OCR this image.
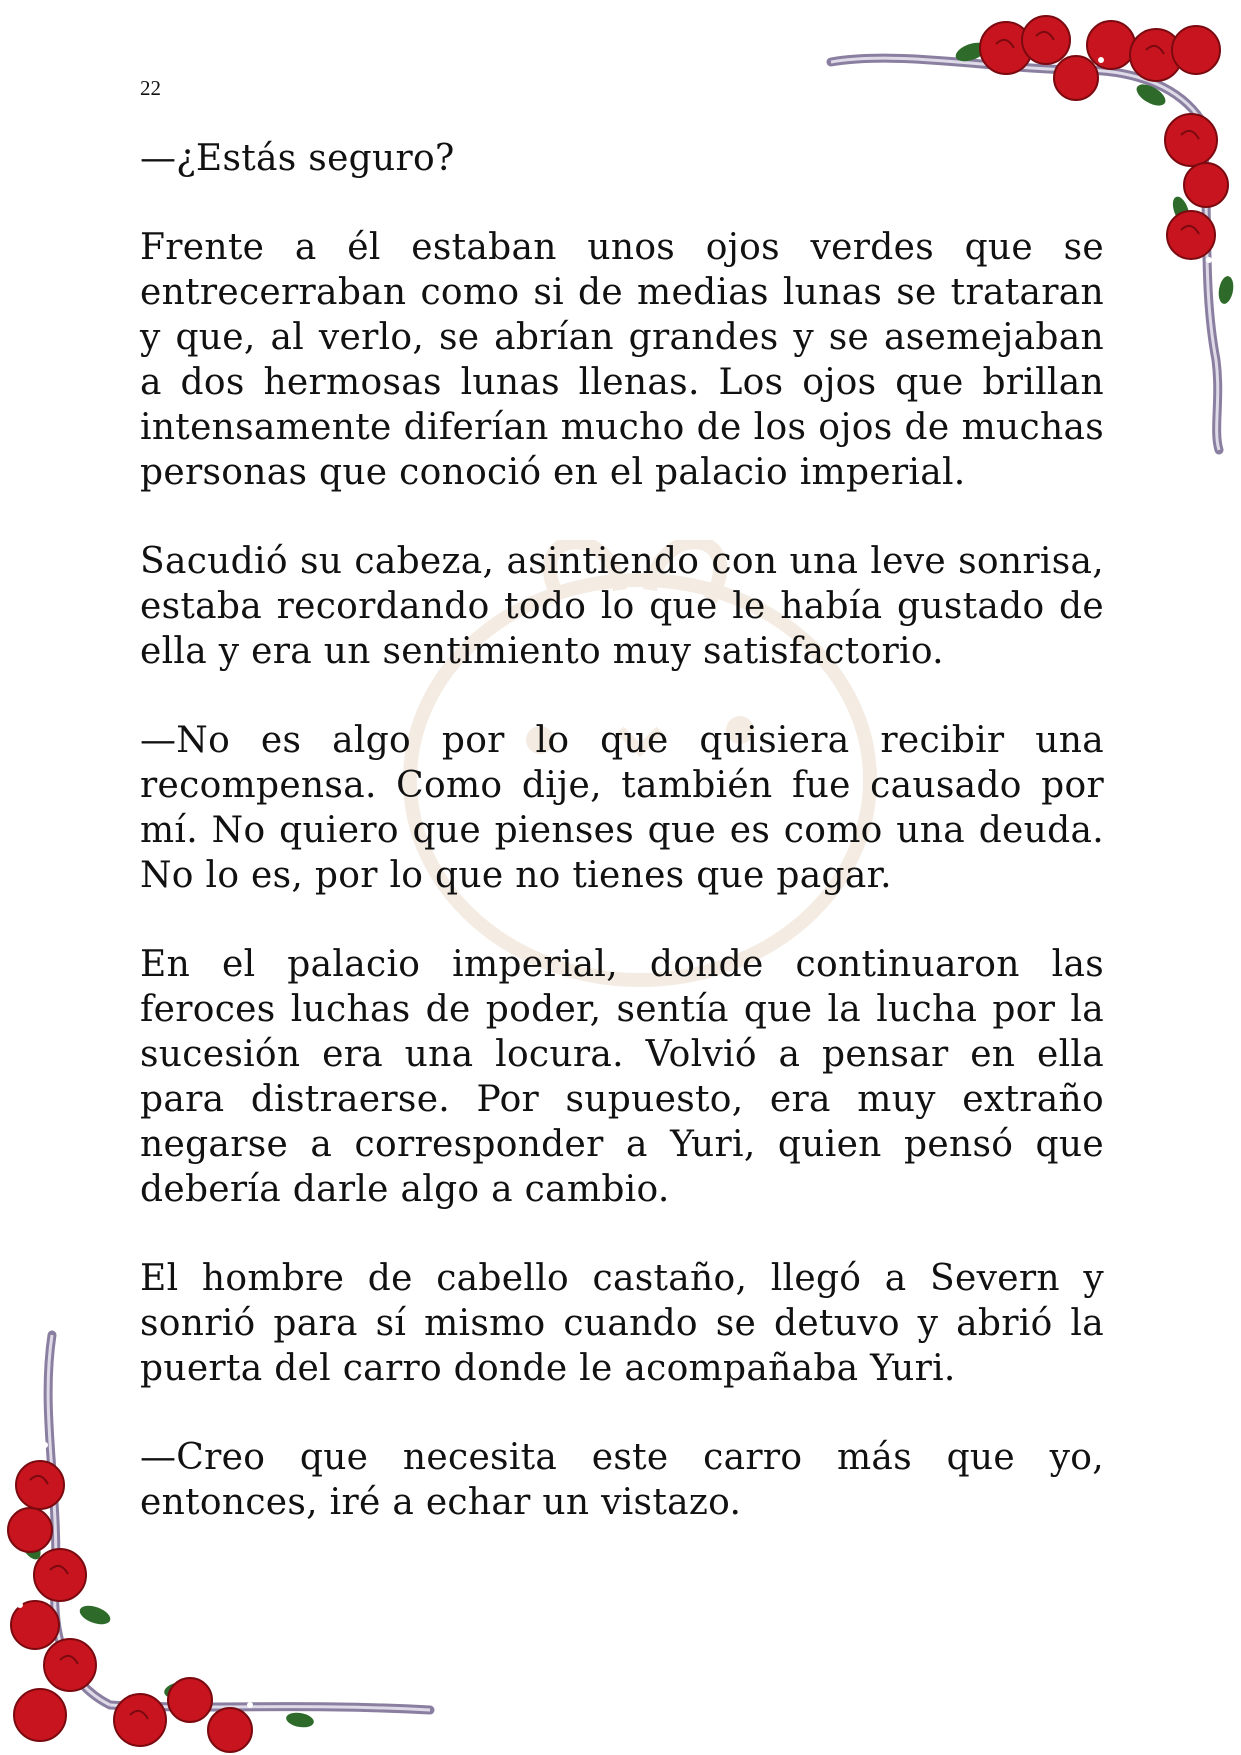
22

—¿Estás seguro?

Frente a él estaban unos ojos verdes que se entrecerraban como si de medias lunas se trataran y que, al verlo, se abrían grandes y se asemejaban a dos hermosas lunas llenas. Los ojos que brillan intensamente diferían mucho de los ojos de muchas personas que conoció en el palacio imperial.

Sacudió su cabeza, asintiendo con una leve sonrisa, estaba recordando todo lo que le había gustado de ella y era un sentimiento muy satisfactorio.

—No es algo por lo que quisiera recibir una recompensa. Como dije, también fue causado por mí. No quiero que pienses que es como una deuda. No lo es, por lo que no tienes que pagar.

En el palacio imperial, donde continuaron las feroces luchas de poder, sentía que la lucha por la sucesión era una locura. Volvió a pensar en ella para distraerse. Por supuesto, era muy extraño negarse a corresponder a Yuri, quien pensó que debería darle algo a cambio.

El hombre de cabello castaño, llegó a Severn y sonrió para sí mismo cuando se detuvo y abrió la puerta del carro donde le acompañaba Yuri.

—Creo que necesita este carro más que yo, entonces, iré a echar un vistazo.
